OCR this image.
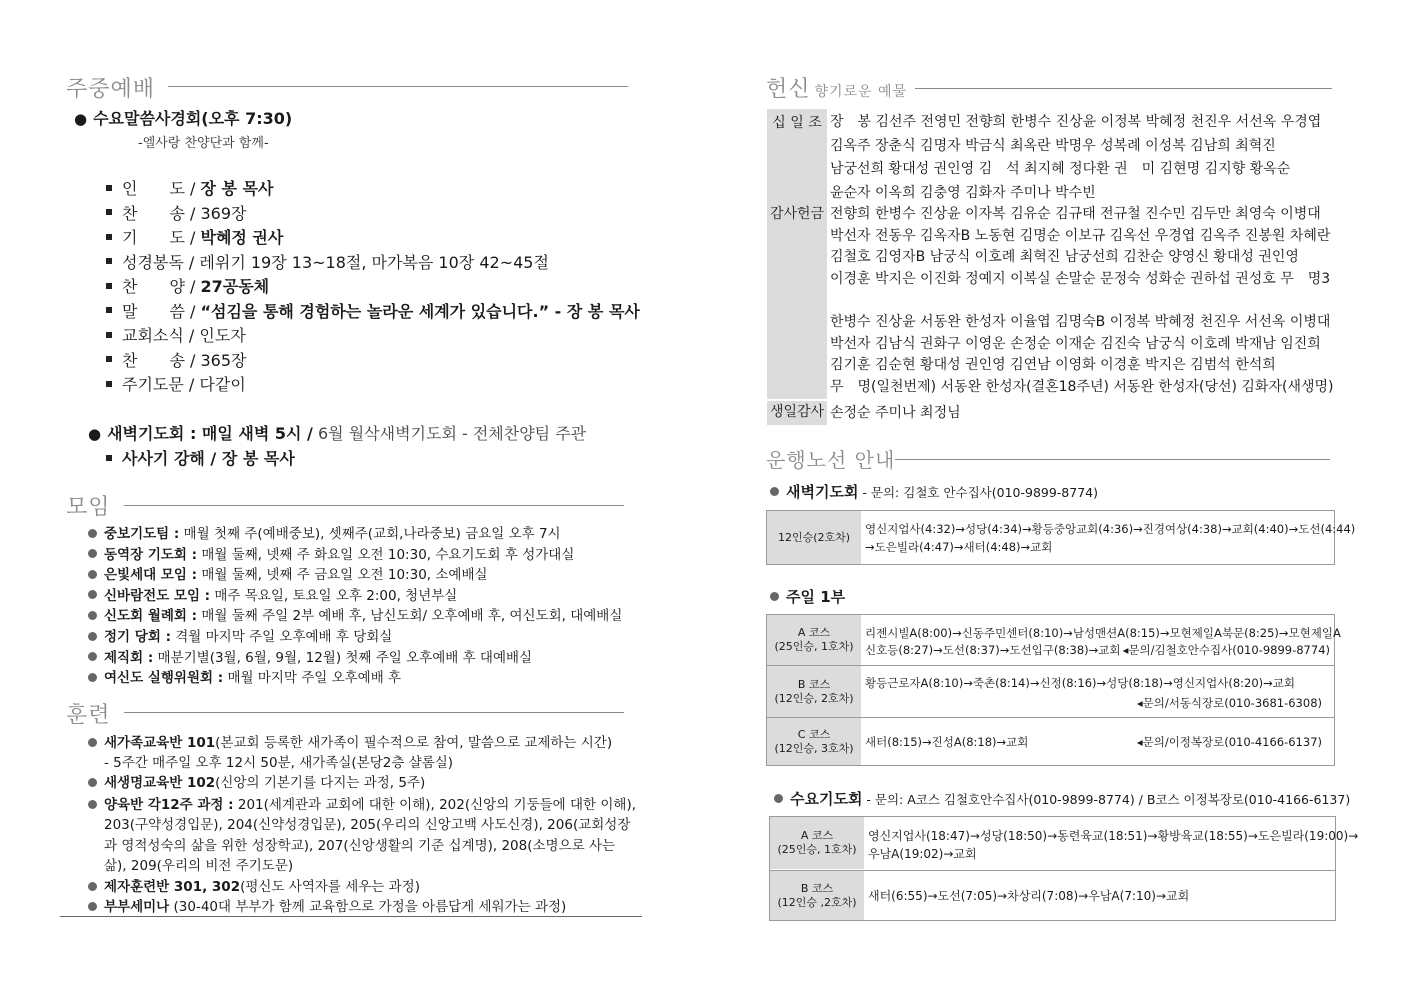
주중예배
● 수요말씀사경회(오후 7:30)
-엘사랑 찬양단과 함께-
인　　도 / 장 봉 목사
찬　　송 / 369장
기　　도 / 박혜정 권사
성경봉독 / 레위기 19장 13~18절, 마가복음 10장 42~45절
찬　　양 / 27공동체
말　　씀 / “섬김을 통해 경험하는 놀라운 세계가 있습니다.” - 장 봉 목사
교회소식 / 인도자
찬　　송 / 365장
주기도문 / 다같이
● 새벽기도회 : 매일 새벽 5시 / 6월 월삭새벽기도회 - 전체찬양팀 주관
사사기 강해 / 장 봉 목사
모임
중보기도팀 : 매월 첫째 주(예배중보), 셋째주(교회,나라중보) 금요일 오후 7시
동역장 기도회 : 매월 둘째, 넷째 주 화요일 오전 10:30, 수요기도회 후 성가대실
은빛세대 모임 : 매월 둘째, 넷째 주 금요일 오전 10:30, 소예배실
신바람전도 모임 : 매주 목요일, 토요일 오후 2:00, 청년부실
신도회 월례회 : 매월 둘째 주일 2부 예배 후, 남신도회/ 오후예배 후, 여신도회, 대예배실
정기 당회 : 격월 마지막 주일 오후예배 후 당회실
제직회 : 매분기별(3월, 6월, 9월, 12월) 첫째 주일 오후예배 후 대예배실
여신도 실행위원회 : 매월 마지막 주일 오후예배 후
훈련
새가족교육반 101(본교회 등록한 새가족이 필수적으로 참여, 말씀으로 교제하는 시간)
- 5주간 매주일 오후 12시 50분, 새가족실(본당2층 샬롬실)
새생명교육반 102(신앙의 기본기를 다지는 과정, 5주)
양육반 각12주 과정 : 201(세계관과 교회에 대한 이해), 202(신앙의 기둥들에 대한 이해),
203(구약성경입문), 204(신약성경입문), 205(우리의 신앙고백 사도신경), 206(교회성장
과 영적성숙의 삶을 위한 성장학교), 207(신앙생활의 기준 십계명), 208(소명으로 사는
삶), 209(우리의 비전 주기도문)
제자훈련반 301, 302(평신도 사역자를 세우는 과정)
부부세미나 (30-40대 부부가 함께 교육함으로 가정을 아름답게 세워가는 과정)
헌신 향기로운 예물
십 일 조
감사헌금
생일감사
장　봉 김선주 전영민 전향희 한병수 진상윤 이정복 박혜정 천진우 서선옥 우경엽
김옥주 장춘식 김명자 박금식 최옥란 박명우 성복례 이성복 김남희 최혁진
남궁선희 황대성 권인영 김　석 최지혜 정다환 권　미 김현명 김지향 황옥순
윤순자 이옥희 김충영 김화자 주미나 박수빈
전향희 한병수 진상윤 이자복 김유순 김규태 전규철 진수민 김두만 최영숙 이병대
박선자 전동우 김옥자B 노동현 김명순 이보규 김옥선 우경엽 김옥주 진봉원 차혜란
김철호 김영자B 남궁식 이호례 최혁진 남궁선희 김찬순 양영신 황대성 권인영
이경훈 박지은 이진화 정예지 이복실 손말순 문정숙 성화순 권하섭 권성호 무　명3
한병수 진상윤 서동완 한성자 이율엽 김명숙B 이정복 박혜정 천진우 서선옥 이병대
박선자 김남식 권화구 이영운 손정순 이재순 김진숙 남궁식 이호례 박재남 임진희
김기훈 김순현 황대성 권인영 김연남 이영화 이경훈 박지은 김범석 한석희
무　명(일천번제) 서동완 한성자(결혼18주년) 서동완 한성자(당선) 김화자(새생명)
손정순 주미나 최정님
운행노선 안내
새벽기도회 - 문의: 김철호 안수집사(010-9899-8774)
12인승(2호차)
영신지업사(4:32)→성당(4:34)→황등중앙교회(4:36)→진경여상(4:38)→교회(4:40)→도선(4:44)
→도은빌라(4:47)→새터(4:48)→교회
주일 1부
A 코스
(25인승, 1호차)
리젠시빌A(8:00)→신동주민센터(8:10)→남성맨션A(8:15)→모현제일A북문(8:25)→모현제일A
신호등(8:27)→도선(8:37)→도선입구(8:38)→교회 ◂문의/김철호안수집사(010-9899-8774)
B 코스
(12인승, 2호차)
황등근로자A(8:10)→죽촌(8:14)→신정(8:16)→성당(8:18)→영신지업사(8:20)→교회
◂문의/서동식장로(010-3681-6308)
C 코스
(12인승, 3호차) 새터(8:15)→진성A(8:18)→교회	◂문의/이정복장로(010-4166-6137)
수요기도회 - 문의: A코스 김철호안수집사(010-9899-8774) / B코스 이정복장로(010-4166-6137)
A 코스
(25인승, 1호차)
영신지업사(18:47)→성당(18:50)→동련육교(18:51)→황방육교(18:55)→도은빌라(19:00)→
우남A(19:02)→교회
B 코스
(12인승 ,2호차) 새터(6:55)→도선(7:05)→차상리(7:08)→우남A(7:10)→교회
